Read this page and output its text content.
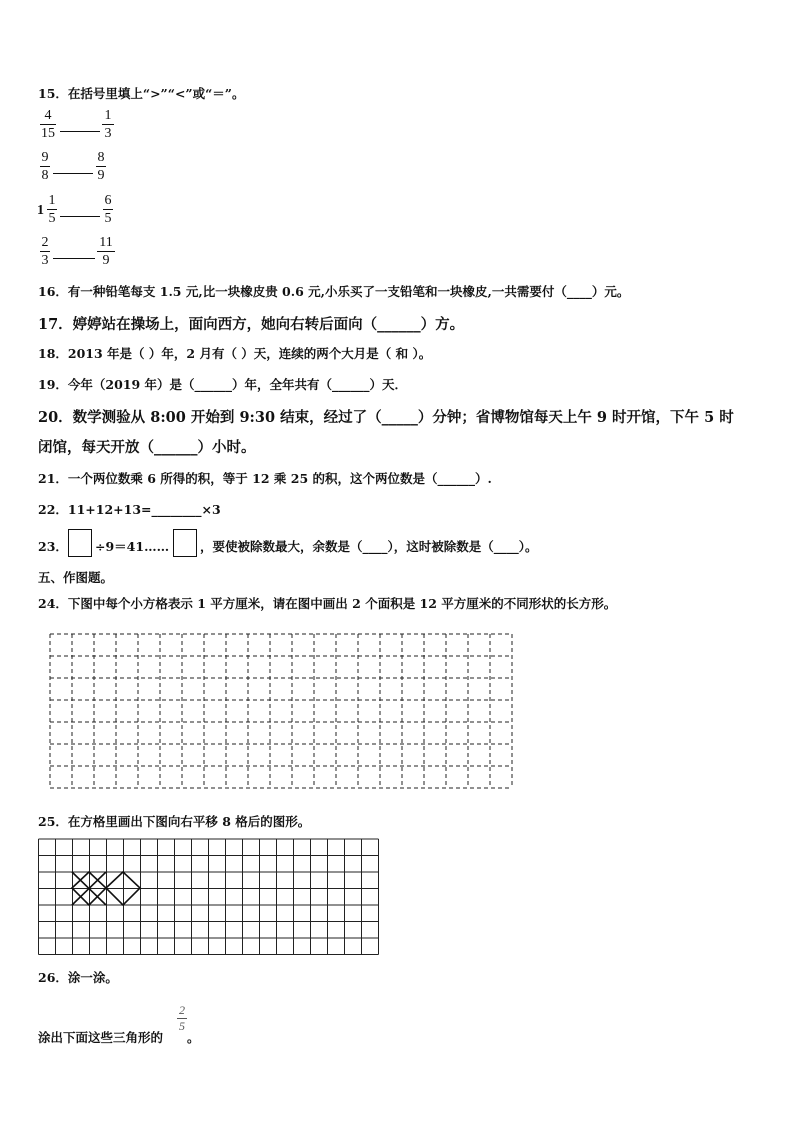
15．在括号里填上“>”“<”或“＝”。
4
15
1
3
9
8
8
9
1
1
5
6
5
2
3
11
9
16．有一种铅笔每支 1.5 元,比一块橡皮贵 0.6 元,小乐买了一支铅笔和一块橡皮,一共需要付（____）元。
17．婷婷站在操场上，面向西方，她向右转后面向（______）方。
18．2013 年是（ ）年，2 月有（ ）天，连续的两个大月是（ 和 ）。
19．今年（2019 年）是（______）年，全年共有（______）天．
20．数学测验从 8:00 开始到 9:30 结束，经过了（_____）分钟；省博物馆每天上午 9 时开馆，下午 5 时
闭馆，每天开放（______）小时。
21．一个两位数乘 6 所得的积，等于 12 乘 25 的积，这个两位数是（______）.
22．11+12+13=________×3
23． ÷9＝41…… ，要使被除数最大，余数是（____），这时被除数是（____）。
五、作图题。
24．下图中每个小方格表示 1 平方厘米，请在图中画出 2 个面积是 12 平方厘米的不同形状的长方形。
25．在方格里画出下图向右平移 8 格后的图形。
26．涂一涂。
涂出下面这些三角形的
2
5
。
